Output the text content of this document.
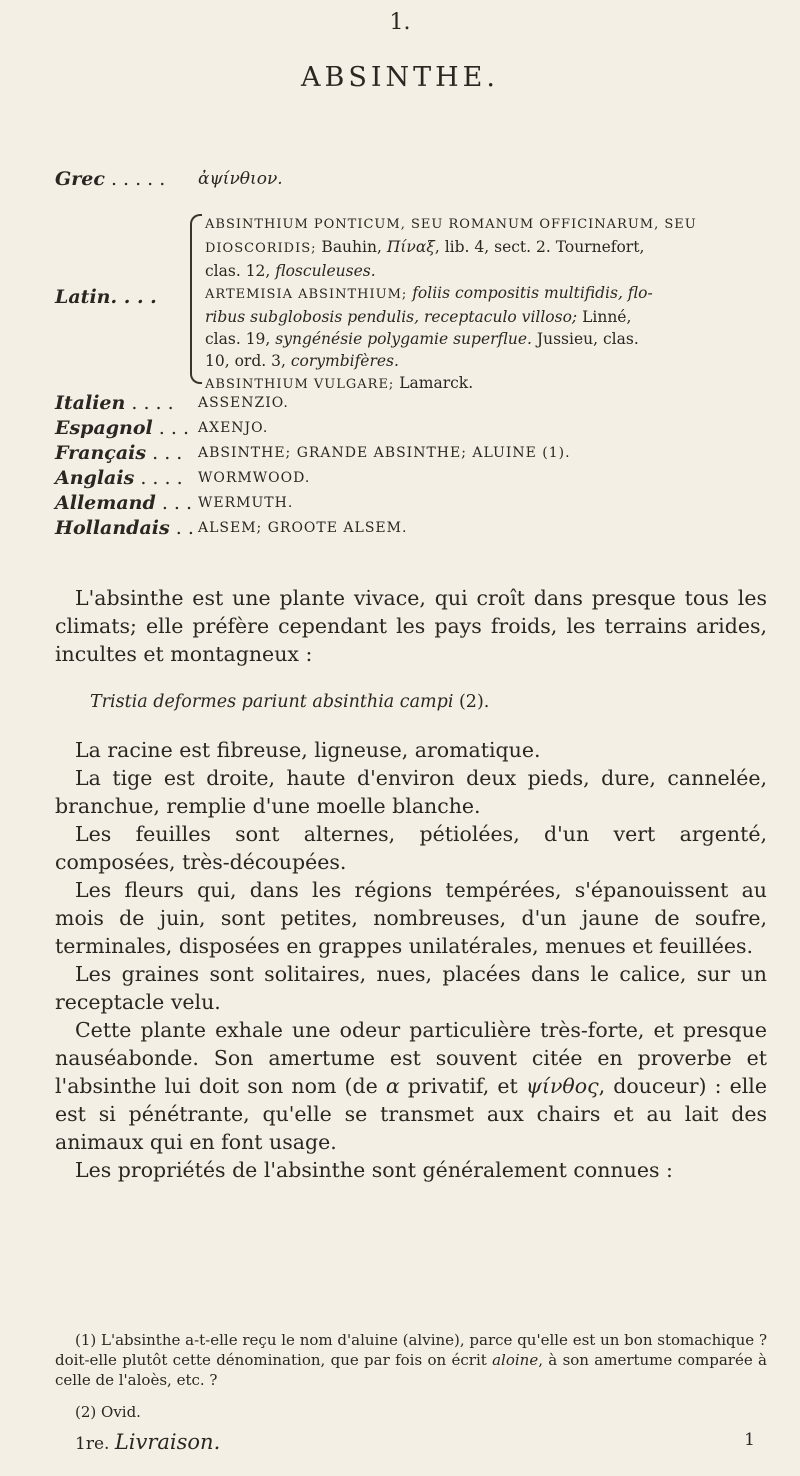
1.
ABSINTHE.
Grec . . . . .	ἀψίνθιον.
Latin. . . .

ABSINTHIUM PONTICUM, SEU ROMANUM OFFICINARUM, SEU

DIOSCORIDIS; Bauhin, Πίναξ, lib. 4, sect. 2. Tournefort,

clas. 12, flosculeuses.

ARTEMISIA ABSINTHIUM; foliis compositis multifidis, flo-

ribus subglobosis pendulis, receptaculo villoso; Linné,

clas. 19, syngénésie polygamie superflue. Jussieu, clas.

10, ord. 3, corymbifères.

ABSINTHIUM VULGARE; Lamarck.

Italien . . . .	ASSENZIO.
Espagnol . . . AXENJO.
Français . . .	ABSINTHE; GRANDE ABSINTHE; ALUINE (1).
Anglais . . . .	WORMWOOD.
Allemand . . . WERMUTH.
Hollandais . . ALSEM; GROOTE ALSEM.

L'absinthe est une plante vivace, qui croît dans presque tous les climats; elle préfère cependant les pays froids, les terrains arides, incultes et montagneux :

Tristia deformes pariunt absinthia campi (2).

La racine est fibreuse, ligneuse, aromatique.

La tige est droite, haute d'environ deux pieds, dure, cannelée, branchue, remplie d'une moelle blanche.

Les feuilles sont alternes, pétiolées, d'un vert argenté, composées, très-découpées.

Les fleurs qui, dans les régions tempérées, s'épanouissent au mois de juin, sont petites, nombreuses, d'un jaune de soufre, terminales, disposées en grappes unilatérales, menues et feuillées.

Les graines sont solitaires, nues, placées dans le calice, sur un receptacle velu.

Cette plante exhale une odeur particulière très-forte, et presque nauséabonde. Son amertume est souvent citée en proverbe et l'absinthe lui doit son nom (de α privatif, et ψίνθος, douceur) : elle est si pénétrante, qu'elle se transmet aux chairs et au lait des animaux qui en font usage.

Les propriétés de l'absinthe sont généralement connues :

(1) L'absinthe a-t-elle reçu le nom d'aluine (alvine), parce qu'elle est un bon stomachique ? doit-elle plutôt cette dénomination, que par fois on écrit aloine, à son amertume comparée à celle de l'aloès, etc. ?

(2) Ovid.

1re. Livraison.	1
